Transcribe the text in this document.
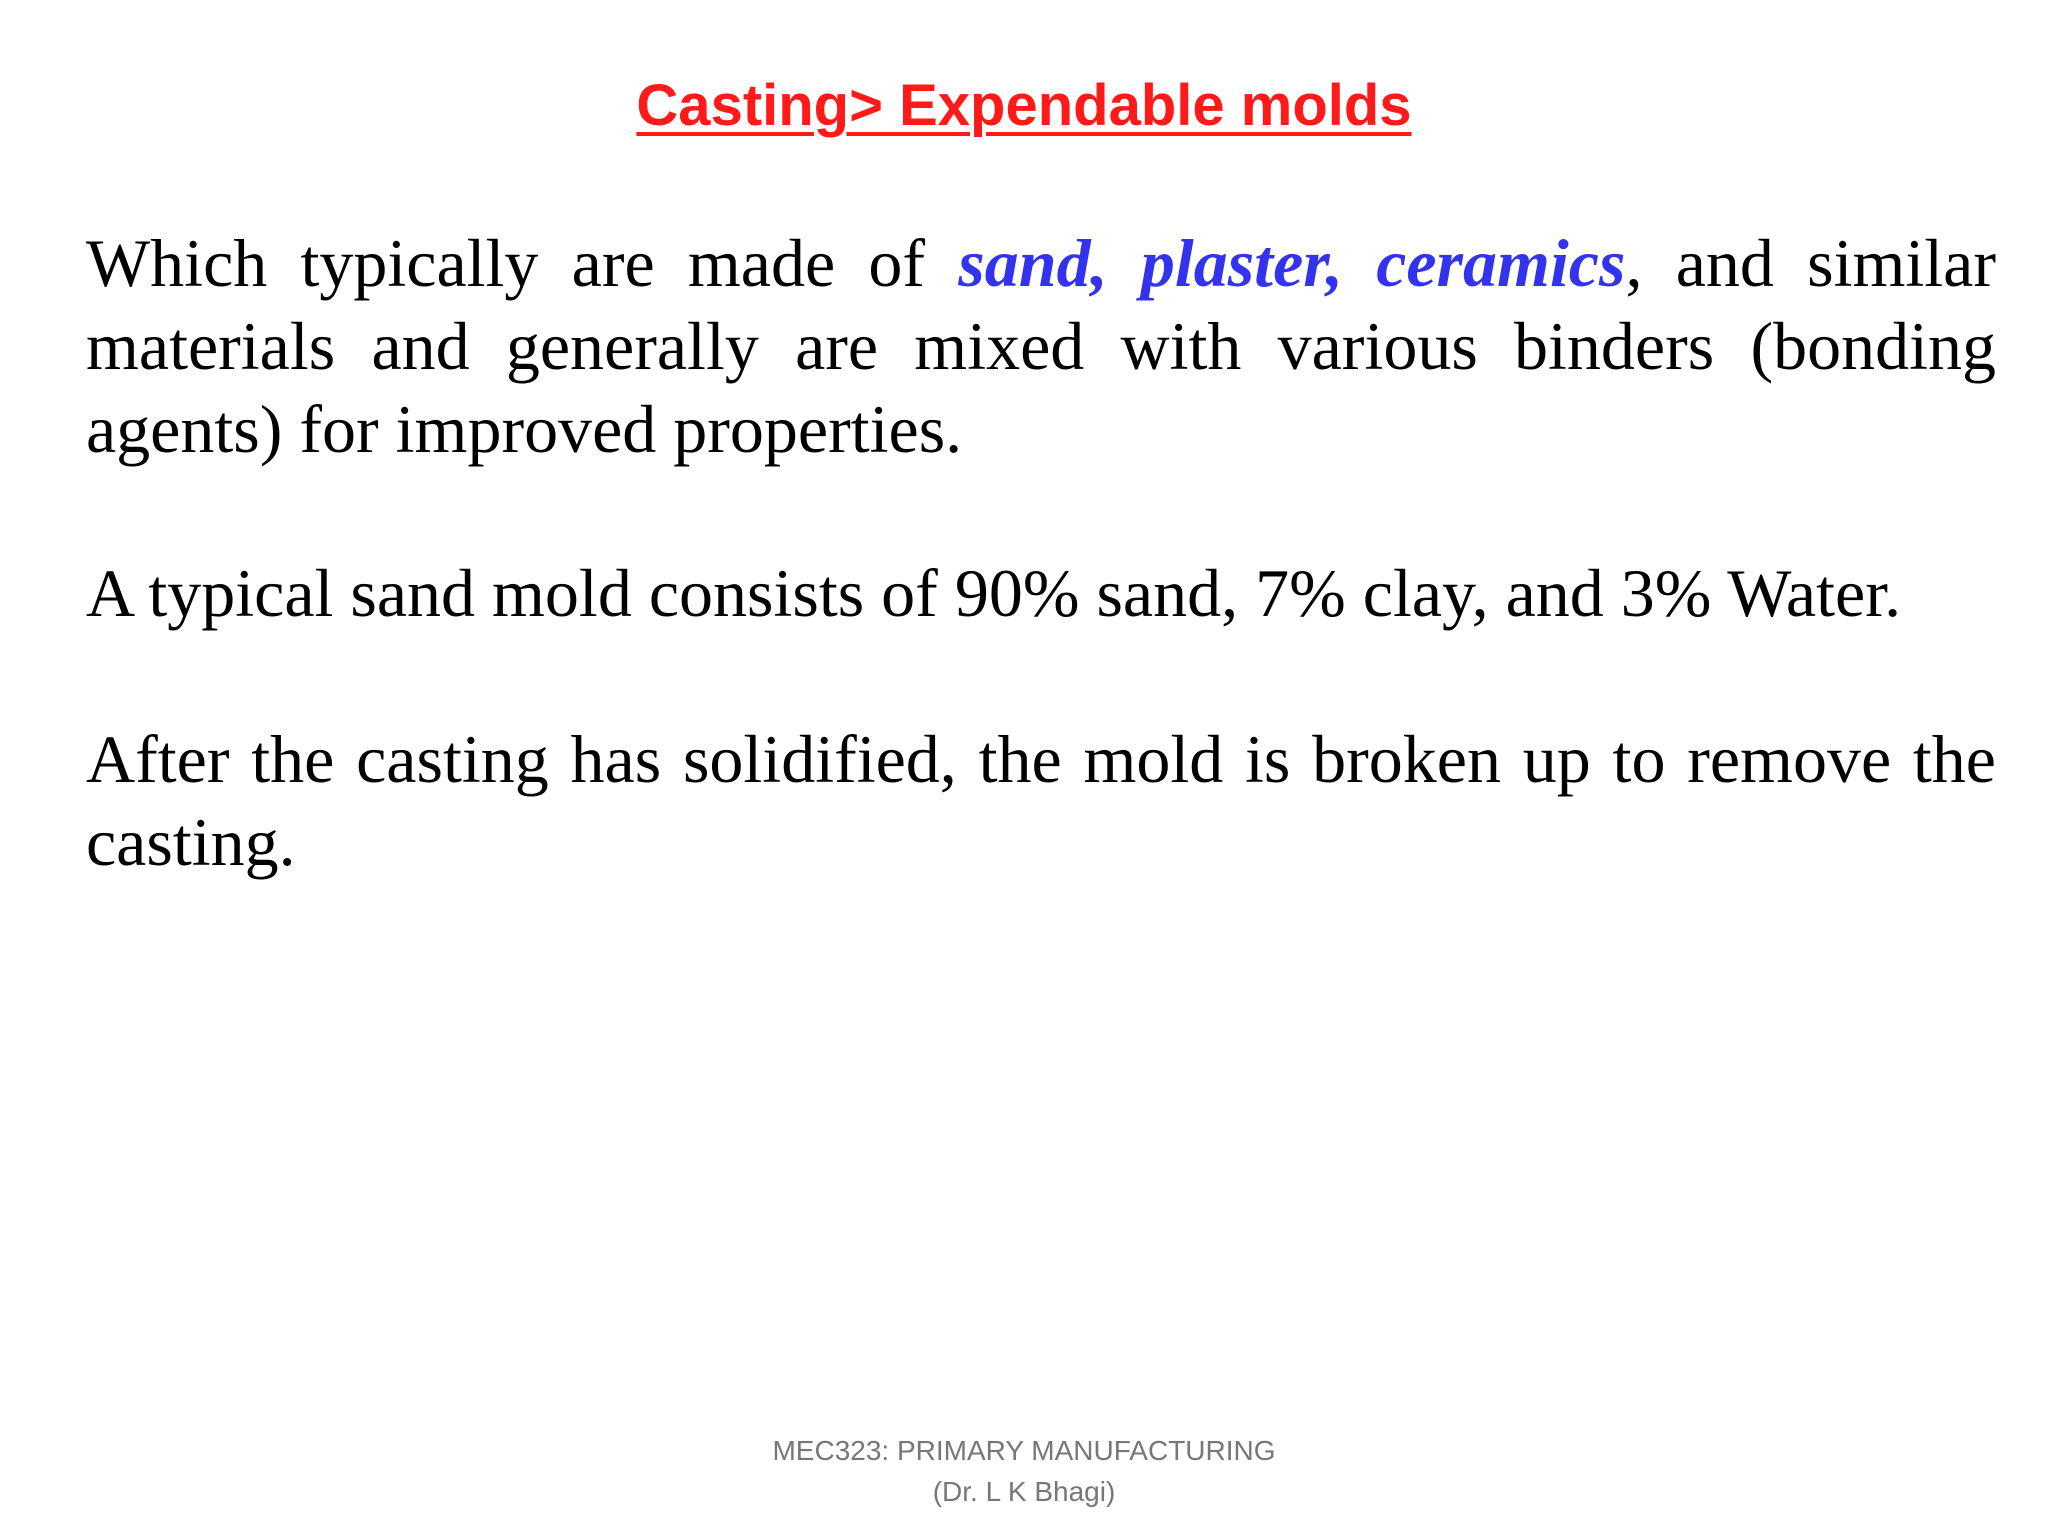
Casting> Expendable molds

Which typically are made of sand, plaster, ceramics, and similar materials and generally are mixed with various binders (bonding agents) for improved properties.

A typical sand mold consists of 90% sand, 7% clay, and 3% Water.

After the casting has solidified, the mold is broken up to remove the casting.

MEC323: PRIMARY MANUFACTURING
(Dr. L K Bhagi)
